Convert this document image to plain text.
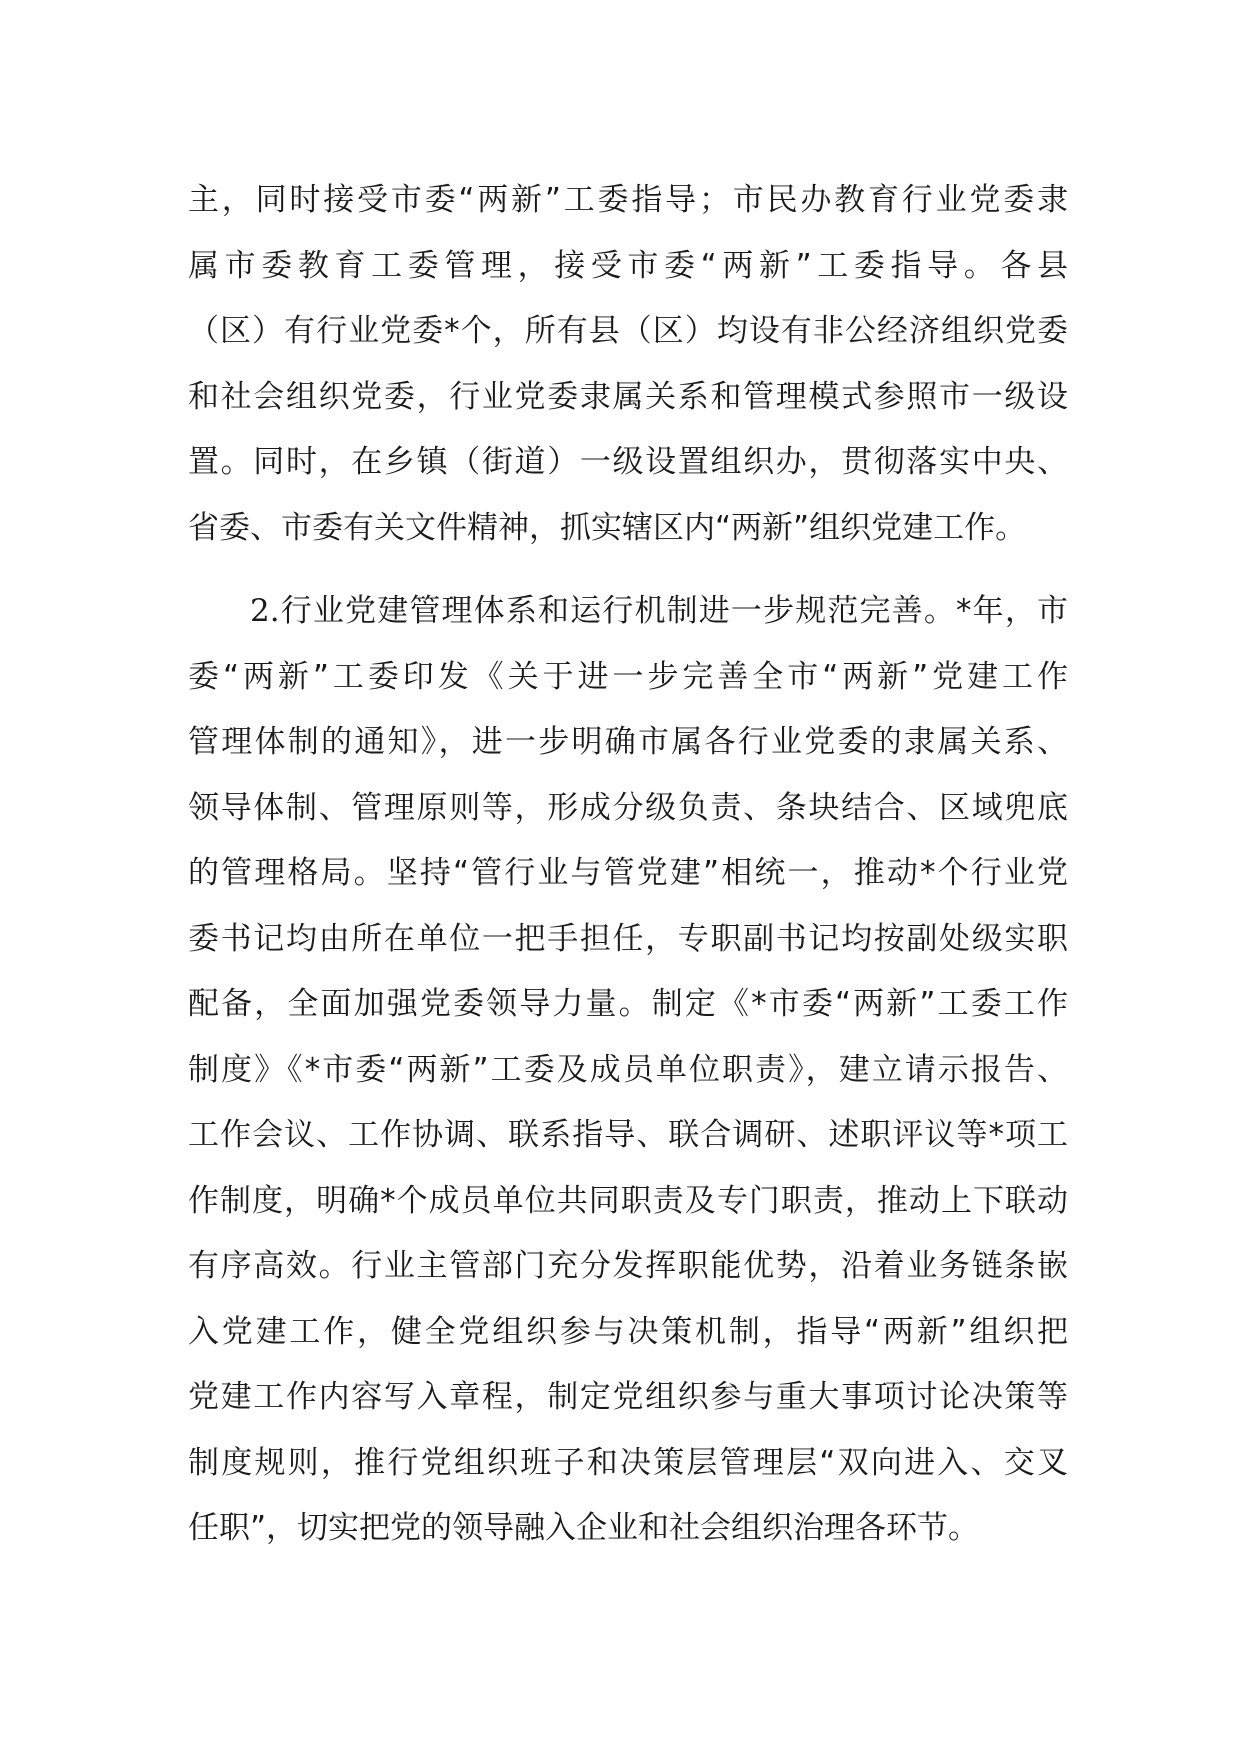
主，同时接受市委“两新”工委指导；市民办教育行业党委隶
属市委教育工委管理，接受市委“两新”工委指导。各县
（区）有行业党委*个，所有县（区）均设有非公经济组织党委
和社会组织党委，行业党委隶属关系和管理模式参照市一级设
置。同时，在乡镇（街道）一级设置组织办，贯彻落实中央、
省委、市委有关文件精神，抓实辖区内“两新”组织党建工作。
2.行业党建管理体系和运行机制进一步规范完善。*年，市
委“两新”工委印发《关于进一步完善全市“两新”党建工作
管理体制的通知》，进一步明确市属各行业党委的隶属关系、
领导体制、管理原则等，形成分级负责、条块结合、区域兜底
的管理格局。坚持“管行业与管党建”相统一，推动*个行业党
委书记均由所在单位一把手担任，专职副书记均按副处级实职
配备，全面加强党委领导力量。制定《*市委“两新”工委工作
制度》《*市委“两新”工委及成员单位职责》，建立请示报告、
工作会议、工作协调、联系指导、联合调研、述职评议等*项工
作制度，明确*个成员单位共同职责及专门职责，推动上下联动
有序高效。行业主管部门充分发挥职能优势，沿着业务链条嵌
入党建工作，健全党组织参与决策机制，指导“两新”组织把
党建工作内容写入章程，制定党组织参与重大事项讨论决策等
制度规则，推行党组织班子和决策层管理层“双向进入、交叉
任职”，切实把党的领导融入企业和社会组织治理各环节。
